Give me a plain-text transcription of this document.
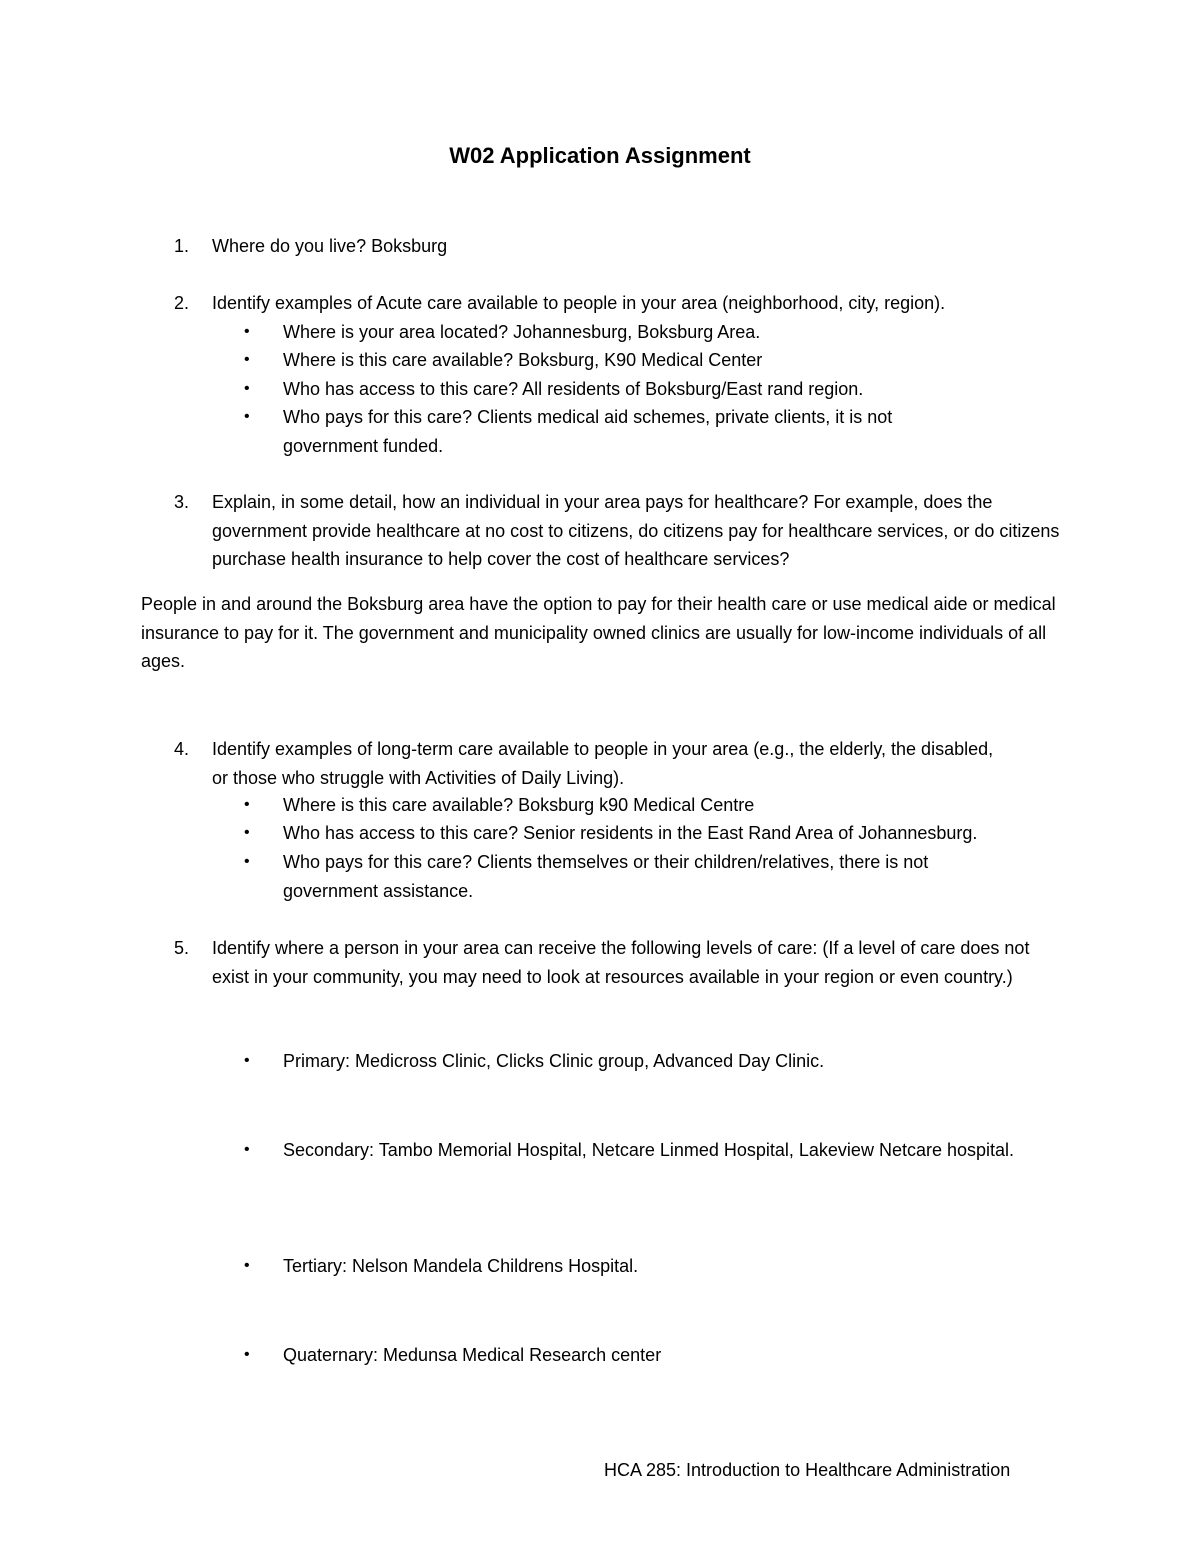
W02 Application Assignment
1.	Where do you live? Boksburg
2.	Identify examples of Acute care available to people in your area (neighborhood, city, region).
•	Where is your area located? Johannesburg, Boksburg Area.
•	Where is this care available? Boksburg, K90 Medical Center
•	Who has access to this care? All residents of Boksburg/East rand region.
•	Who pays for this care? Clients medical aid schemes, private clients, it is not government funded.
3.	Explain, in some detail, how an individual in your area pays for healthcare? For example, does the government provide healthcare at no cost to citizens, do citizens pay for healthcare services, or do citizens purchase health insurance to help cover the cost of healthcare services?
People in and around the Boksburg area have the option to pay for their health care or use medical aide or medical insurance to pay for it. The government and municipality owned clinics are usually for low-income individuals of all ages.
4.	Identify examples of long-term care available to people in your area (e.g., the elderly, the disabled, or those who struggle with Activities of Daily Living).
•	Where is this care available? Boksburg k90 Medical Centre
•	Who has access to this care? Senior residents in the East Rand Area of Johannesburg.
•	Who pays for this care? Clients themselves or their children/relatives, there is not government assistance.
5.	Identify where a person in your area can receive the following levels of care: (If a level of care does not exist in your community, you may need to look at resources available in your region or even country.)
•	Primary: Medicross Clinic, Clicks Clinic group, Advanced Day Clinic.
•	Secondary: Tambo Memorial Hospital, Netcare Linmed Hospital, Lakeview Netcare hospital.
•	Tertiary: Nelson Mandela Childrens Hospital.
•	Quaternary: Medunsa Medical Research center
HCA 285: Introduction to Healthcare Administration
